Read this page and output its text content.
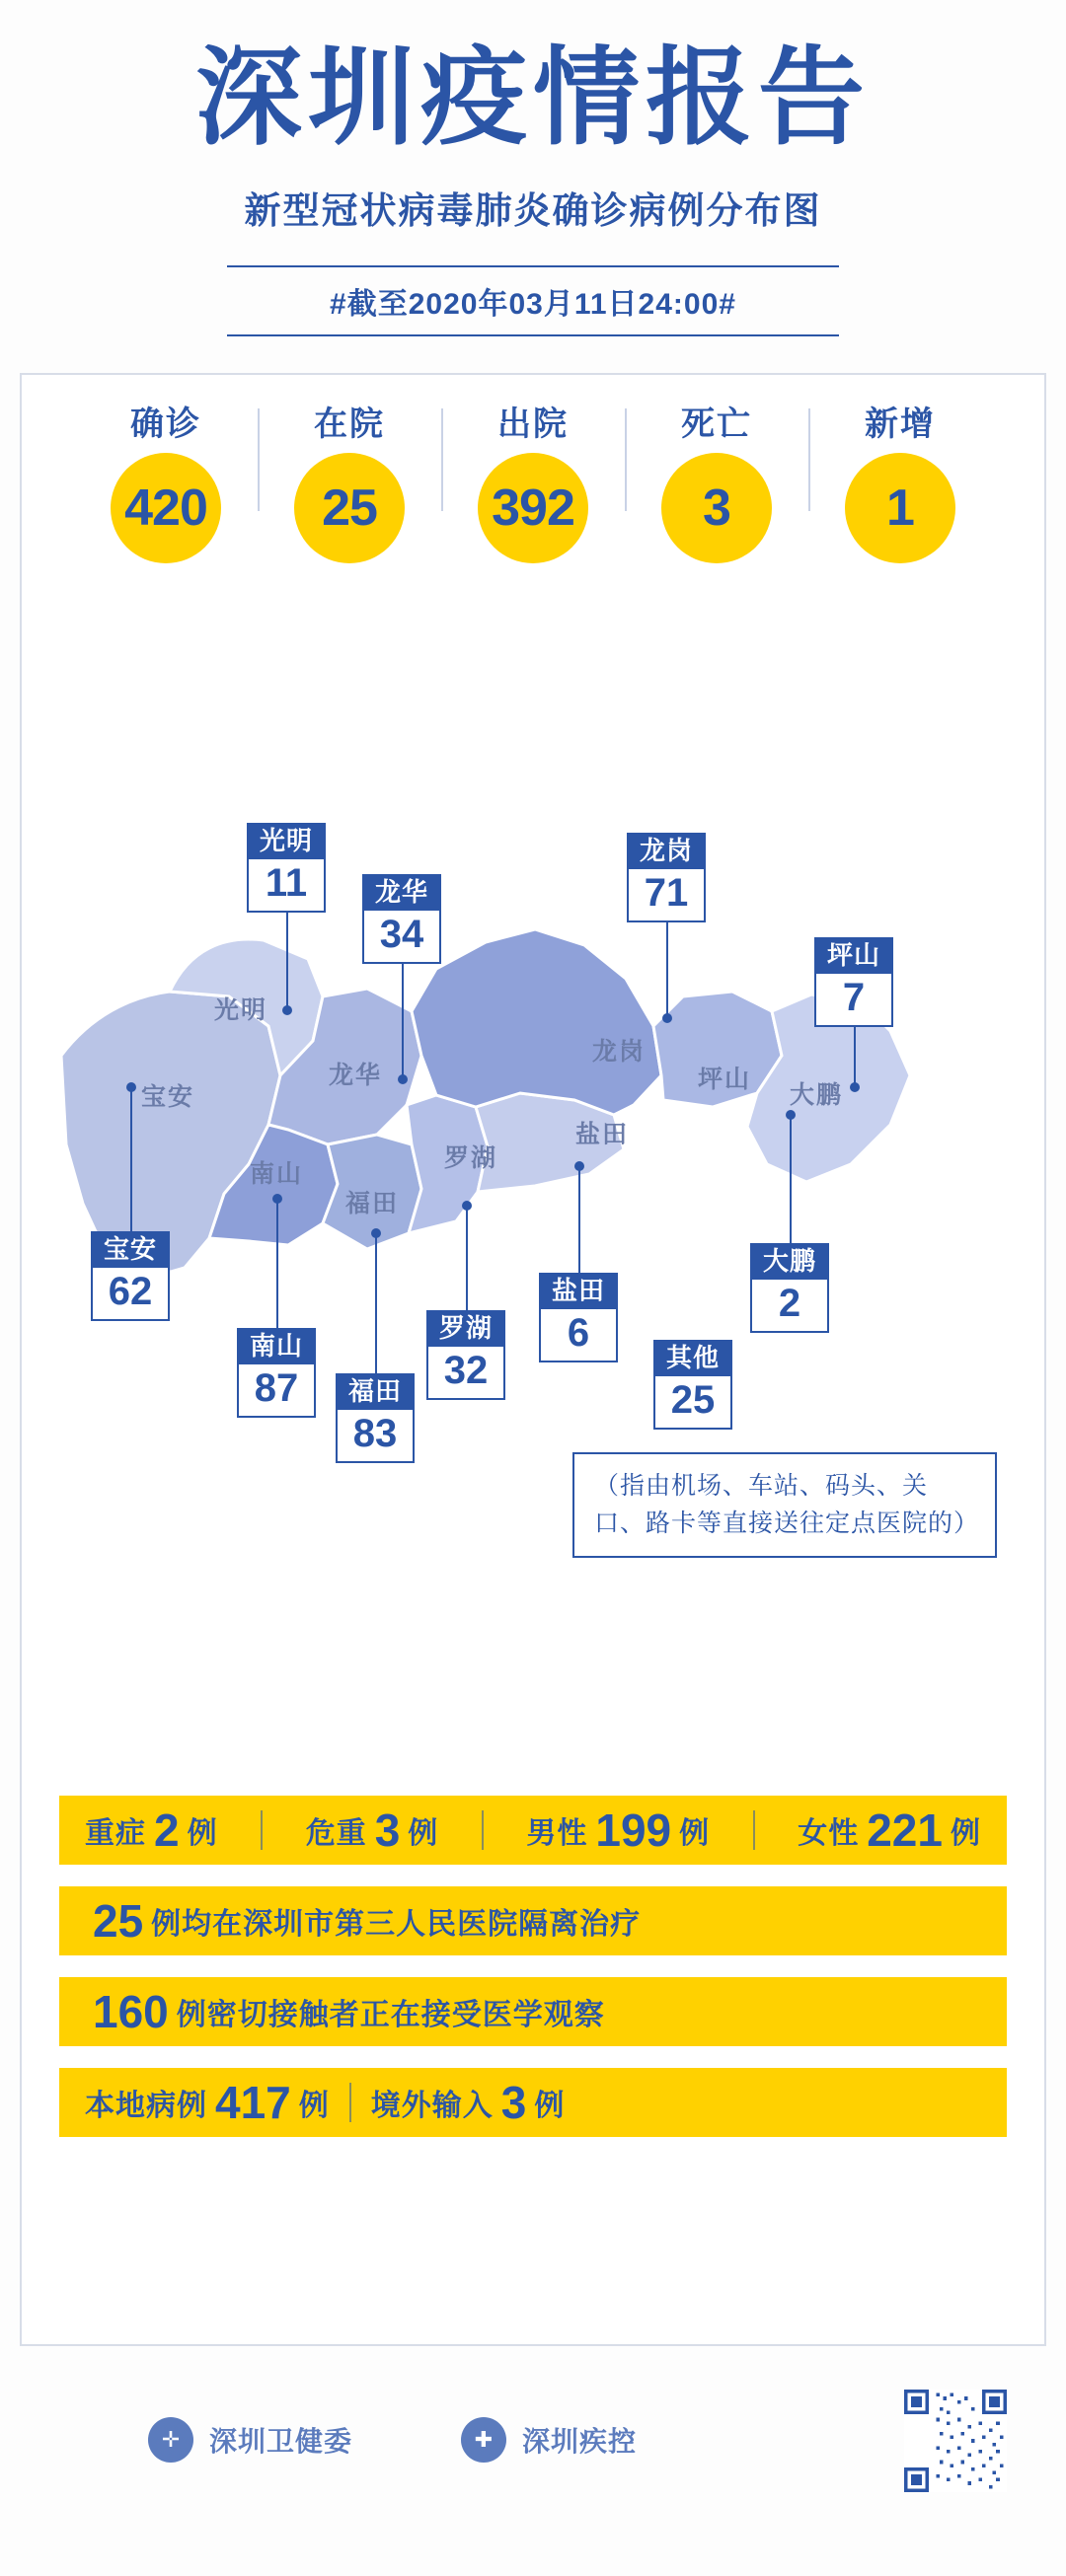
深圳疫情报告
新型冠状病毒肺炎确诊病例分布图
#截至2020年03月11日24:00#
确诊
420
在院
25
出院
392
死亡
3
新增
1
光明
龙华
宝安
南山
福田
罗湖
盐田
龙岗
坪山
大鹏
光明
11	龙华
34
龙岗
71
坪山
7
宝安
62
南山
87	福田
83
罗湖
32
盐田
6
大鹏
2
其他
25
（指由机场、车站、码头、关口、路卡等直接送往定点医院的）
重症 2 例	危重 3 例	男性 199 例	女性 221 例
25 例均在深圳市第三人民医院隔离治疗
160 例密切接触者正在接受医学观察
本地病例 417 例 境外输入 3 例
✛	深圳卫健委	✚	深圳疾控
